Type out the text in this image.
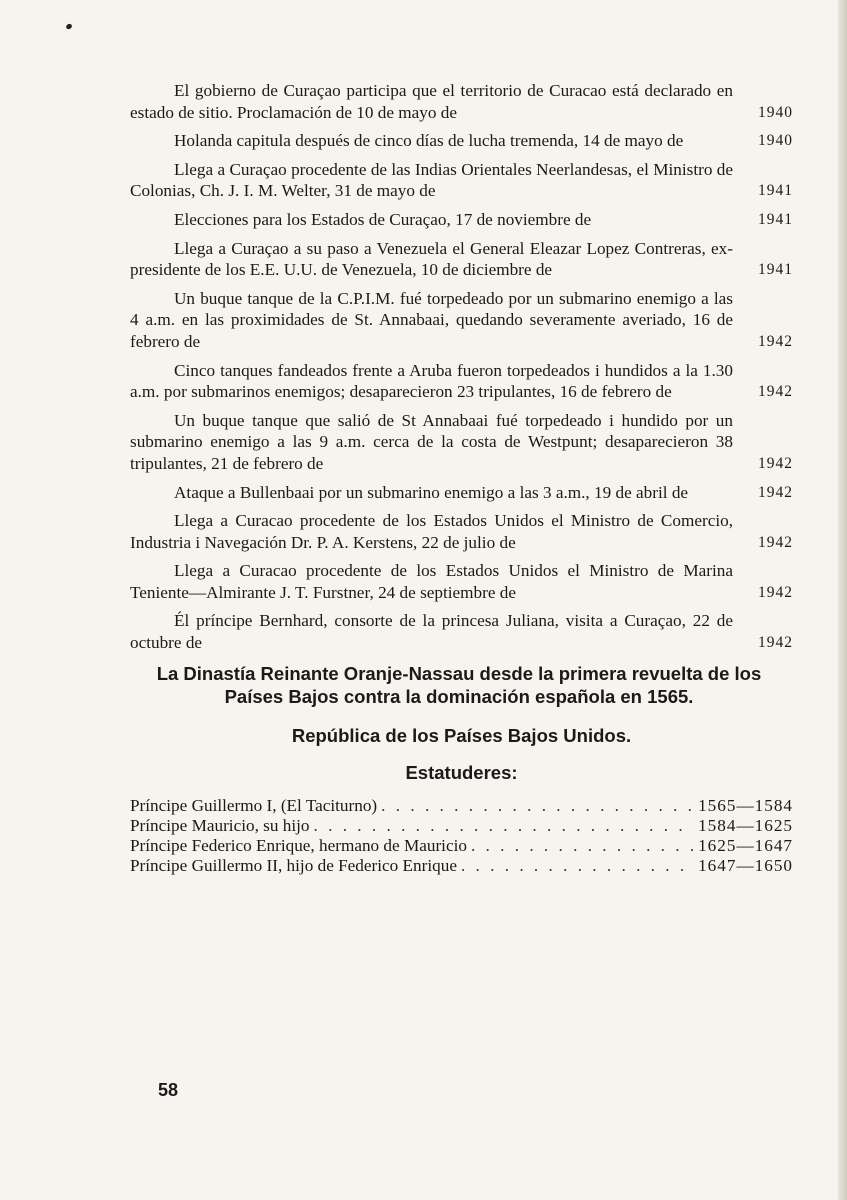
El gobierno de Curaçao participa que el territorio de Curacao está declarado en estado de sitio. Proclamación de 10 de mayo de	1940
Holanda capitula después de cinco días de lucha tremenda, 14 de mayo de	1940
Llega a Curaçao procedente de las Indias Orientales Neerlandesas, el Ministro de Colonias, Ch. J. I. M. Welter, 31 de mayo de	1941
Elecciones para los Estados de Curaçao, 17 de noviembre de	1941
Llega a Curaçao a su paso a Venezuela el General Eleazar Lopez Contreras, ex-presidente de los E.E. U.U. de Venezuela, 10 de diciembre de	1941
Un buque tanque de la C.P.I.M. fué torpedeado por un submarino enemigo a las 4 a.m. en las proximidades de St. Annabaai, quedando severamente averiado, 16 de febrero de	1942
Cinco tanques fandeados frente a Aruba fueron torpedeados i hundidos a la 1.30 a.m. por submarinos enemigos; desaparecieron 23 tripulantes, 16 de febrero de	1942
Un buque tanque que salió de St Annabaai fué torpedeado i hundido por un submarino enemigo a las 9 a.m. cerca de la costa de Westpunt; desaparecieron 38 tripulantes, 21 de febrero de	1942
Ataque a Bullenbaai por un submarino enemigo a las 3 a.m., 19 de abril de	1942
Llega a Curacao procedente de los Estados Unidos el Ministro de Comercio, Industria i Navegación Dr. P. A. Kerstens, 22 de julio de	1942
Llega a Curacao procedente de los Estados Unidos el Ministro de Marina Teniente—Almirante J. T. Furstner, 24 de septiembre de	1942
Él príncipe Bernhard, consorte de la princesa Juliana, visita a Curaçao, 22 de octubre de	1942
La Dinastía Reinante Oranje-Nassau desde la primera revuelta de los Países Bajos contra la dominación española en 1565.
República de los Países Bajos Unidos.
Estatuderes:
Príncipe Guillermo I, (El Taciturno) . . .	1565—1584
Príncipe Mauricio, su hijo . . .	1584—1625
Príncipe Federico Enrique, hermano de Mauricio . . .	1625—1647
Príncipe Guillermo II, hijo de Federico Enrique . . .	1647—1650
58
